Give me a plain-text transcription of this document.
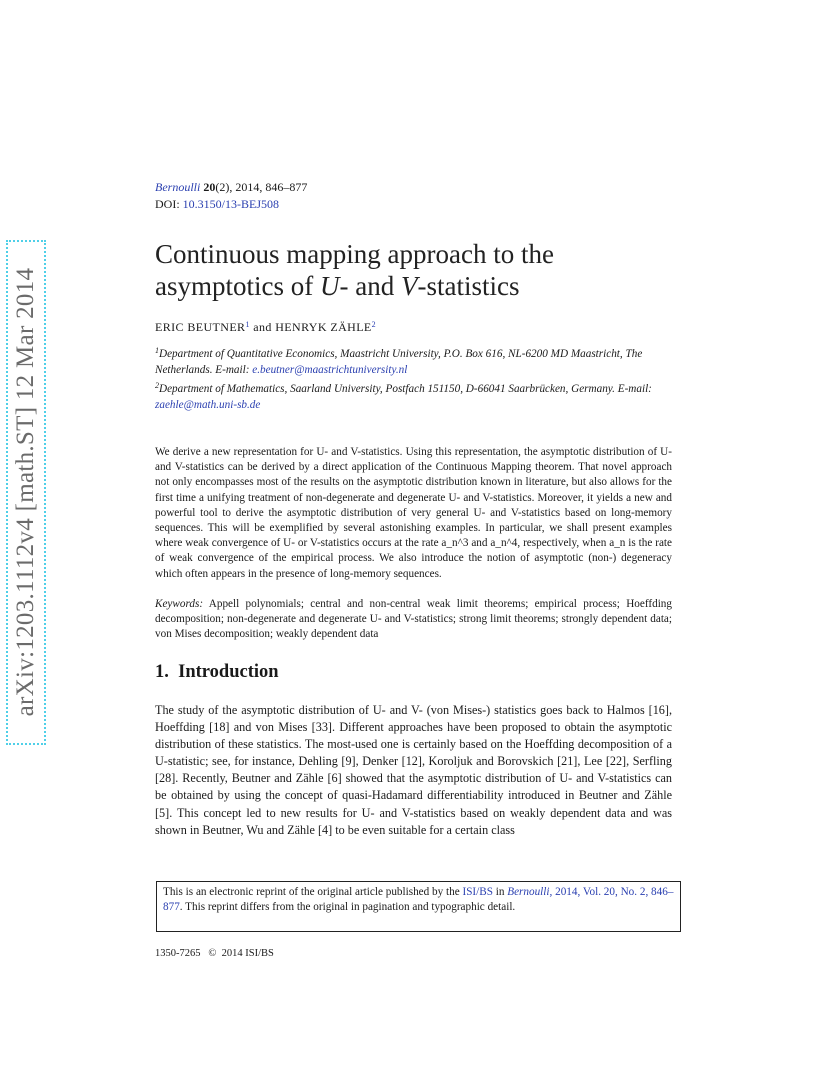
arXiv:1203.1112v4 [math.ST] 12 Mar 2014
Bernoulli 20(2), 2014, 846–877
DOI: 10.3150/13-BEJ508
Continuous mapping approach to the
asymptotics of U- and V-statistics
ERIC BEUTNER$^1$ and HENRYK ZÄHLE$^2$
$^1$Department of Quantitative Economics, Maastricht University, P.O. Box 616, NL-6200 MD Maastricht, The Netherlands. E-mail: e.beutner@maastrichtuniversity.nl
$^2$Department of Mathematics, Saarland University, Postfach 151150, D-66041 Saarbrücken, Germany. E-mail: zaehle@math.uni-sb.de
We derive a new representation for U- and V-statistics. Using this representation, the asymptotic distribution of U- and V-statistics can be derived by a direct application of the Continuous Mapping theorem. That novel approach not only encompasses most of the results on the asymptotic distribution known in literature, but also allows for the first time a unifying treatment of non-degenerate and degenerate U- and V-statistics. Moreover, it yields a new and powerful tool to derive the asymptotic distribution of very general U- and V-statistics based on long-memory sequences. This will be exemplified by several astonishing examples. In particular, we shall present examples where weak convergence of U- or V-statistics occurs at the rate a_n^3 and a_n^4, respectively, when a_n is the rate of weak convergence of the empirical process. We also introduce the notion of asymptotic (non-) degeneracy which often appears in the presence of long-memory sequences.
Keywords: Appell polynomials; central and non-central weak limit theorems; empirical process; Hoeffding decomposition; non-degenerate and degenerate U- and V-statistics; strong limit theorems; strongly dependent data; von Mises decomposition; weakly dependent data
1. Introduction
The study of the asymptotic distribution of U- and V- (von Mises-) statistics goes back to Halmos [16], Hoeffding [18] and von Mises [33]. Different approaches have been proposed to obtain the asymptotic distribution of these statistics. The most-used one is certainly based on the Hoeffding decomposition of a U-statistic; see, for instance, Dehling [9], Denker [12], Koroljuk and Borovskich [21], Lee [22], Serfling [28]. Recently, Beutner and Zähle [6] showed that the asymptotic distribution of U- and V-statistics can be obtained by using the concept of quasi-Hadamard differentiability introduced in Beutner and Zähle [5]. This concept led to new results for U- and V-statistics based on weakly dependent data and was shown in Beutner, Wu and Zähle [4] to be even suitable for a certain class
This is an electronic reprint of the original article published by the ISI/BS in Bernoulli, 2014, Vol. 20, No. 2, 846–877. This reprint differs from the original in pagination and typographic detail.
1350-7265 © 2014 ISI/BS
